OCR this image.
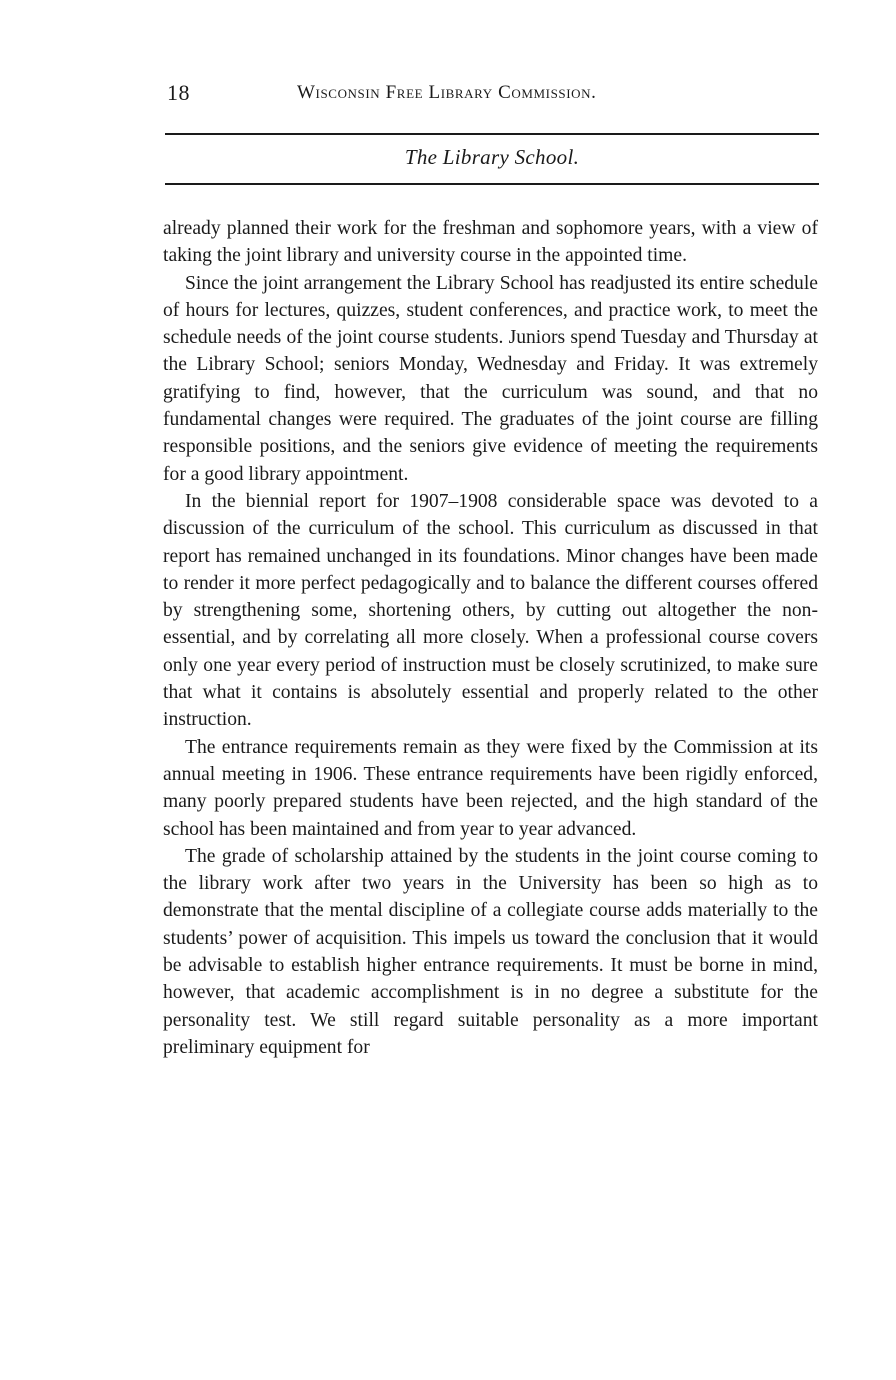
18	Wisconsin Free Library Commission.
The Library School.

already planned their work for the freshman and sophomore years, with a view of taking the joint library and university course in the appointed time.

Since the joint arrangement the Library School has readjusted its entire schedule of hours for lectures, quizzes, student conferences, and practice work, to meet the schedule needs of the joint course students. Juniors spend Tuesday and Thursday at the Library School; seniors Monday, Wednesday and Friday. It was extremely gratifying to find, however, that the curriculum was sound, and that no fundamental changes were required. The graduates of the joint course are filling responsible positions, and the seniors give evidence of meeting the requirements for a good library appointment.

In the biennial report for 1907–1908 considerable space was devoted to a discussion of the curriculum of the school. This curriculum as discussed in that report has remained unchanged in its foundations. Minor changes have been made to render it more perfect pedagogically and to balance the different courses offered by strengthening some, shortening others, by cutting out altogether the non-essential, and by correlating all more closely. When a professional course covers only one year every period of instruction must be closely scrutinized, to make sure that what it contains is absolutely essential and properly related to the other instruction.

The entrance requirements remain as they were fixed by the Commission at its annual meeting in 1906. These entrance requirements have been rigidly enforced, many poorly prepared students have been rejected, and the high standard of the school has been maintained and from year to year advanced.

The grade of scholarship attained by the students in the joint course coming to the library work after two years in the University has been so high as to demonstrate that the mental discipline of a collegiate course adds materially to the students’ power of acquisition. This impels us toward the conclusion that it would be advisable to establish higher entrance requirements. It must be borne in mind, however, that academic accomplishment is in no degree a substitute for the personality test. We still regard suitable personality as a more important preliminary equipment for
